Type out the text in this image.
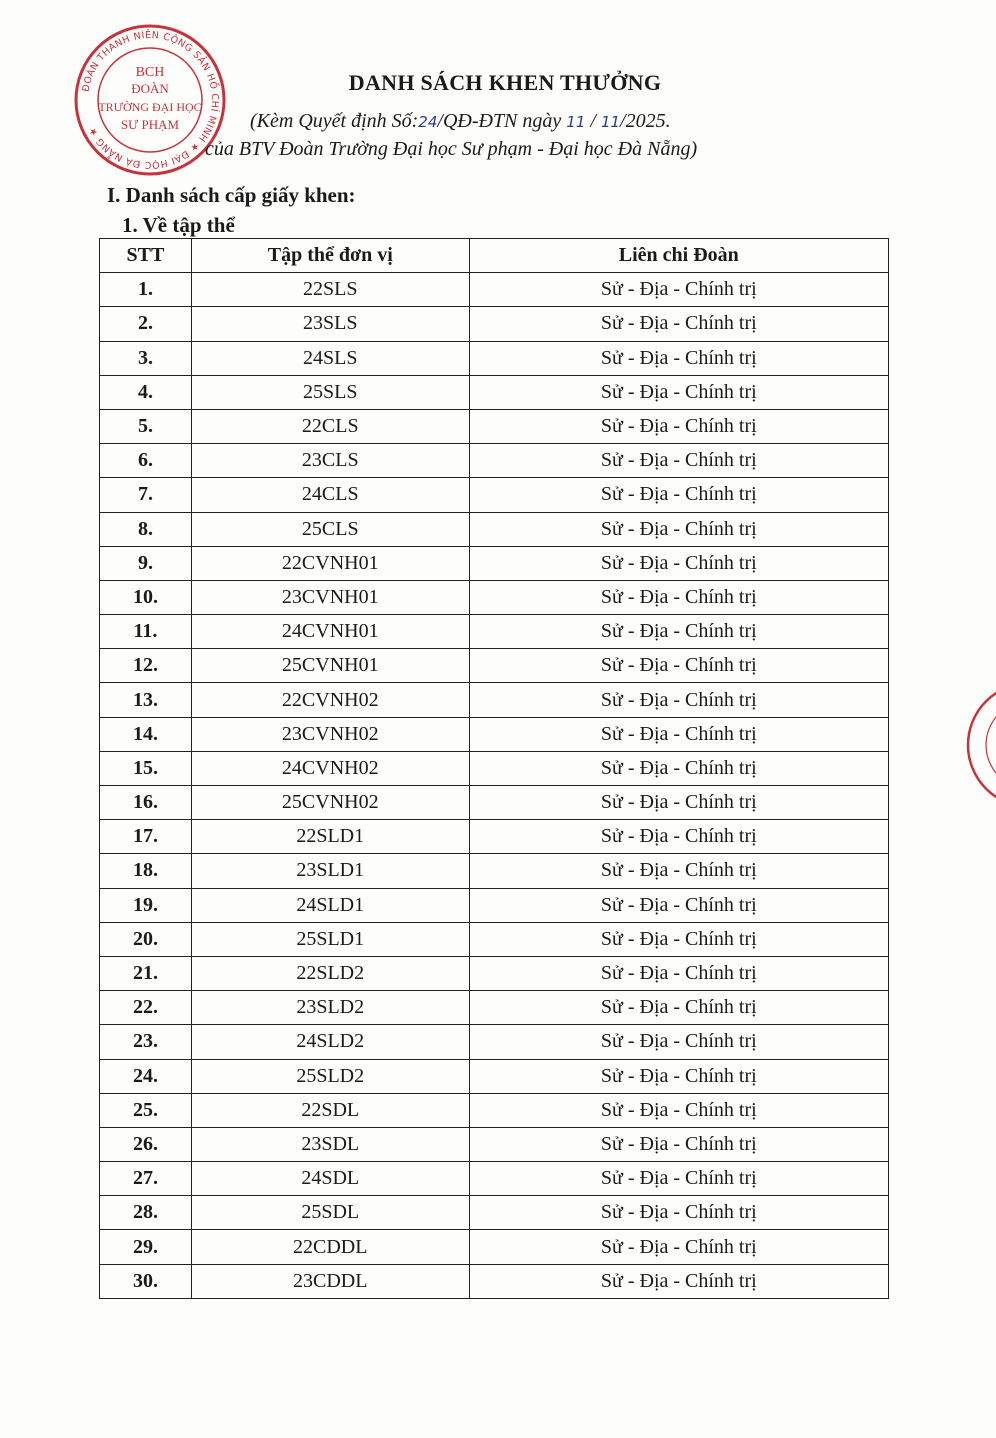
ĐOÀN THANH NIÊN CỘNG SẢN HỒ CHÍ MINH ★ ĐẠI HỌC ĐÀ NẴNG ★
BCH
ĐOÀN
TRƯỜNG ĐẠI HỌC
SƯ PHẠM
DANH SÁCH KHEN THƯỞNG
(Kèm Quyết định Số:24/QĐ-ĐTN ngày 11 / 11/2025.
của BTV Đoàn Trường Đại học Sư phạm - Đại học Đà Nẵng)
I. Danh sách cấp giấy khen:
1. Về tập thể
STT	Tập thể đơn vị	Liên chi Đoàn
1.	22SLS	Sử - Địa - Chính trị
2.	23SLS	Sử - Địa - Chính trị
3.	24SLS	Sử - Địa - Chính trị
4.	25SLS	Sử - Địa - Chính trị
5.	22CLS	Sử - Địa - Chính trị
6.	23CLS	Sử - Địa - Chính trị
7.	24CLS	Sử - Địa - Chính trị
8.	25CLS	Sử - Địa - Chính trị
9.	22CVNH01	Sử - Địa - Chính trị
10.	23CVNH01	Sử - Địa - Chính trị
11.	24CVNH01	Sử - Địa - Chính trị
12.	25CVNH01	Sử - Địa - Chính trị
13.	22CVNH02	Sử - Địa - Chính trị
14.	23CVNH02	Sử - Địa - Chính trị
15.	24CVNH02	Sử - Địa - Chính trị
16.	25CVNH02	Sử - Địa - Chính trị
17.	22SLD1	Sử - Địa - Chính trị
18.	23SLD1	Sử - Địa - Chính trị
19.	24SLD1	Sử - Địa - Chính trị
20.	25SLD1	Sử - Địa - Chính trị
21.	22SLD2	Sử - Địa - Chính trị
22.	23SLD2	Sử - Địa - Chính trị
23.	24SLD2	Sử - Địa - Chính trị
24.	25SLD2	Sử - Địa - Chính trị
25.	22SDL	Sử - Địa - Chính trị
26.	23SDL	Sử - Địa - Chính trị
27.	24SDL	Sử - Địa - Chính trị
28.	25SDL	Sử - Địa - Chính trị
29.	22CDDL	Sử - Địa - Chính trị
30.	23CDDL	Sử - Địa - Chính trị
